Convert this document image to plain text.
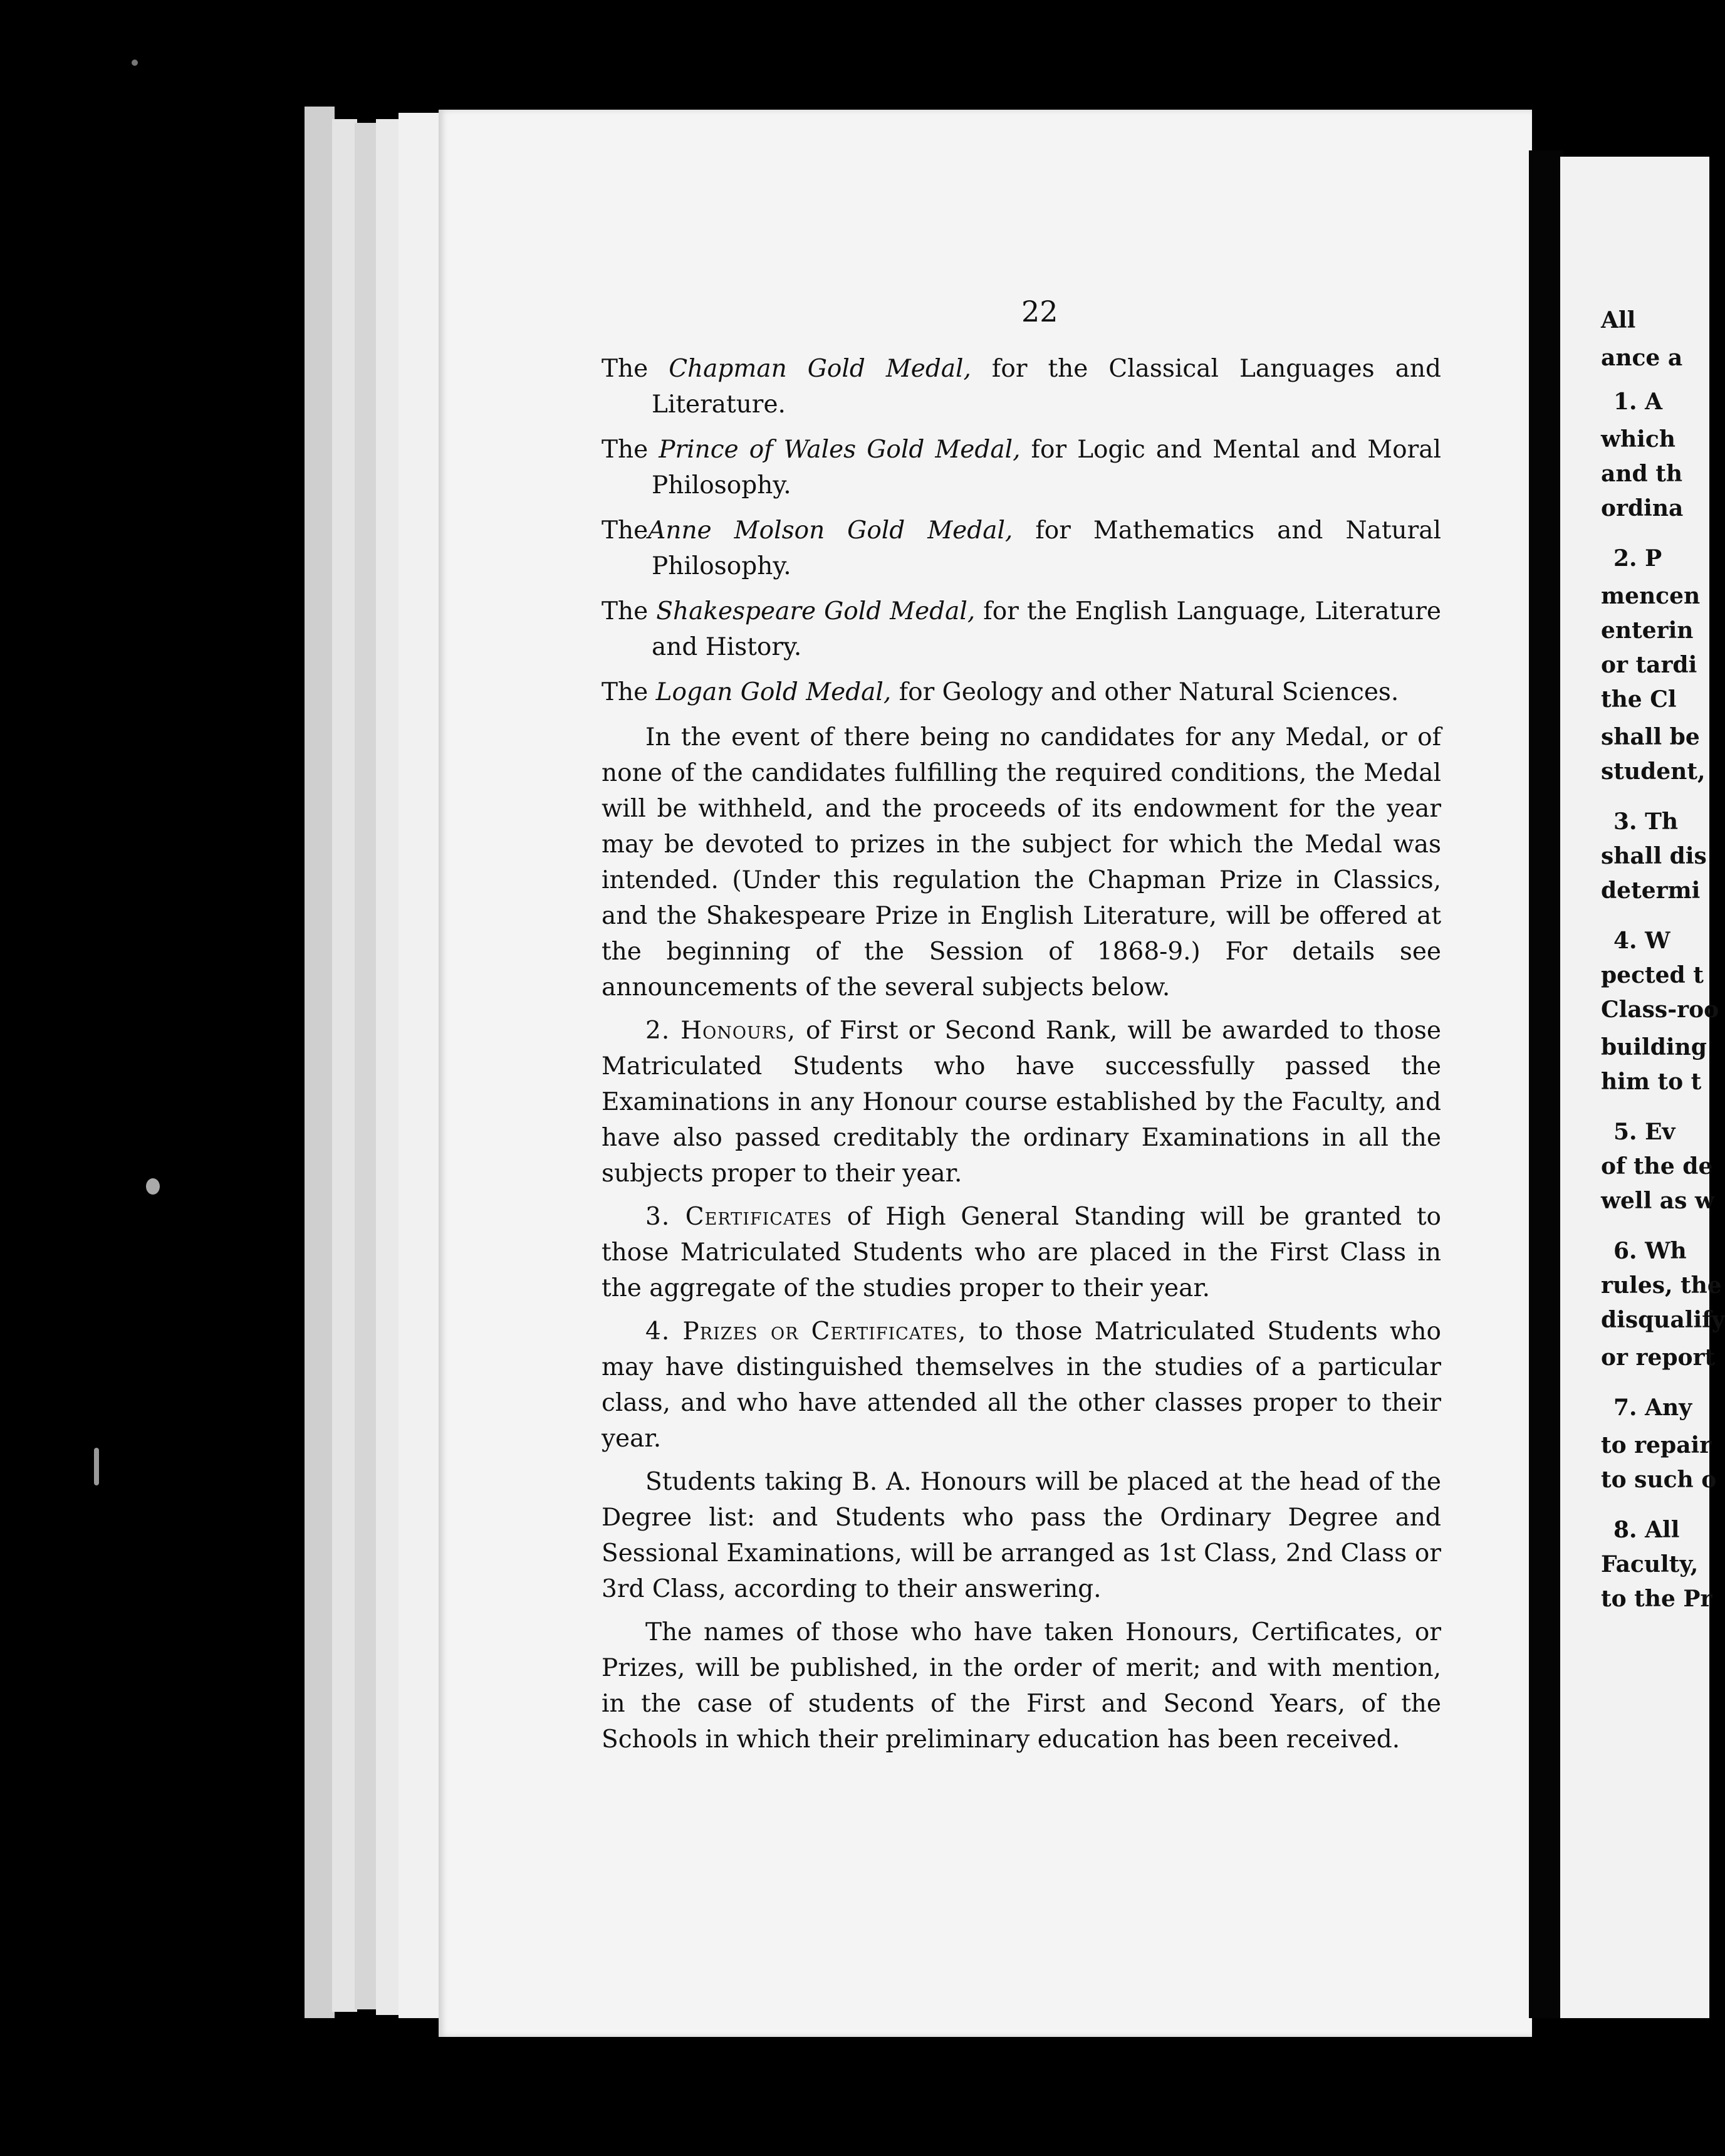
22

The Chapman Gold Medal, for the Classical Languages and Literature.

The Prince of Wales Gold Medal, for Logic and Mental and Moral Philosophy.

TheAnne Molson Gold Medal, for Mathematics and Natural Philosophy.

The Shakespeare Gold Medal, for the English Language, Literature and History.

The Logan Gold Medal, for Geology and other Natural Sciences.

In the event of there being no candidates for any Medal, or of none of the candidates fulfilling the required conditions, the Medal will be withheld, and the proceeds of its endowment for the year may be devoted to prizes in the subject for which the Medal was intended. (Under this regulation the Chapman Prize in Classics, and the Shakespeare Prize in English Literature, will be offered at the beginning of the Session of 1868-9.) For details see announcements of the several subjects below.

2. Honours, of First or Second Rank, will be awarded to those Matriculated Students who have successfully passed the Examinations in any Honour course established by the Faculty, and have also passed creditably the ordinary Examinations in all the subjects proper to their year.

3. Certificates of High General Standing will be granted to those Matriculated Students who are placed in the First Class in the aggregate of the studies proper to their year.

4. Prizes or Certificates, to those Matriculated Students who may have distinguished themselves in the studies of a particular class, and who have attended all the other classes proper to their year.

Students taking B. A. Honours will be placed at the head of the Degree list: and Students who pass the Ordinary Degree and Sessional Examinations, will be arranged as 1st Class, 2nd Class or 3rd Class, according to their answering.

The names of those who have taken Honours, Certificates, or Prizes, will be published, in the order of merit; and with mention, in the case of students of the First and Second Years, of the Schools in which their preliminary education has been received.

All
ance a
1. A
which
and th
ordina
2. P
mencen
enterin
or tardi
the Cl
shall be
student,
3. Th
shall dis
determi
4. W
pected t
Class-roo
building
him to t
5. Ev
of the de
well as w
6. Wh
rules, the
disqualify
or report
7. Any
to repair
to such o
8. All
Faculty,
to the Pr
